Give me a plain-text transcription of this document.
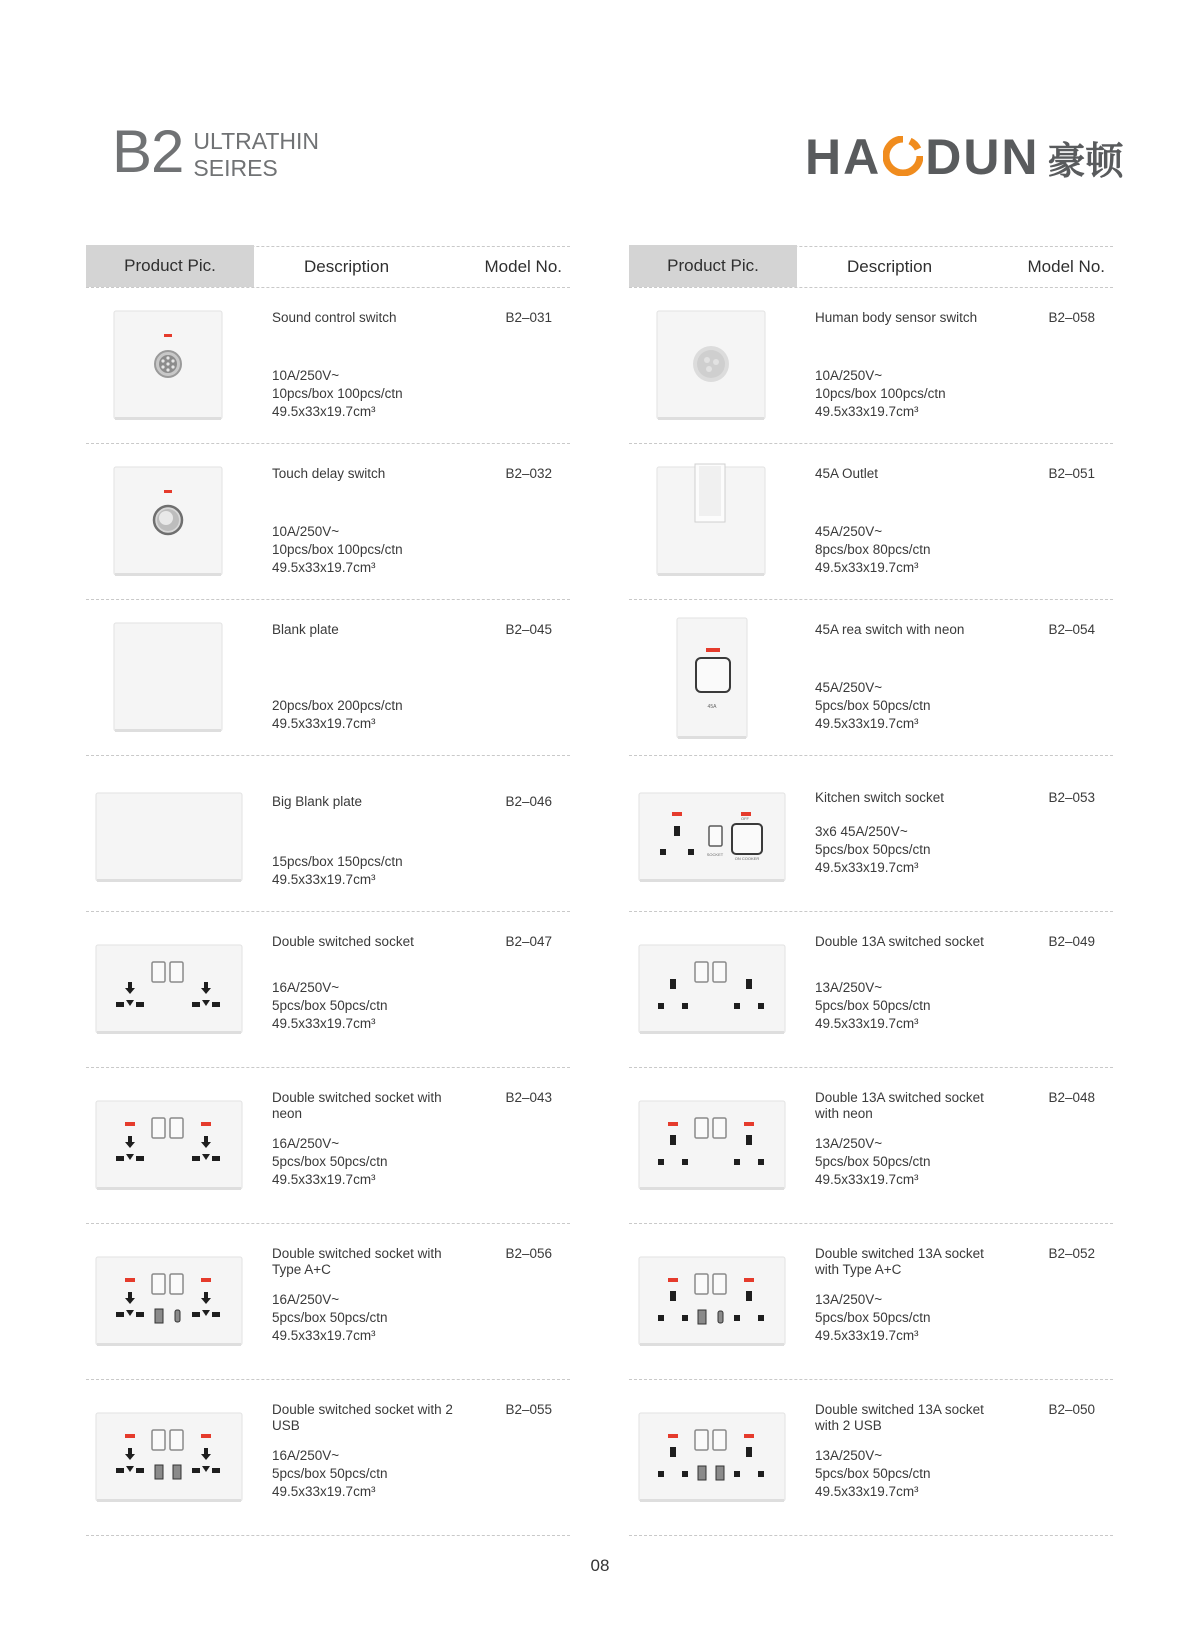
B2 ULTRATHIN
SEIRES	HA DUN 豪顿
Product Pic.	Description	Model No.
Sound control switch	B2–031
10A/250V~
10pcs/box 100pcs/ctn
49.5x33x19.7cm³
Touch delay switch	B2–032
10A/250V~
10pcs/box 100pcs/ctn
49.5x33x19.7cm³
Blank plate	B2–045
20pcs/box 200pcs/ctn
49.5x33x19.7cm³
Big Blank plate	B2–046
15pcs/box 150pcs/ctn
49.5x33x19.7cm³
Double switched socket	B2–047
16A/250V~
5pcs/box 50pcs/ctn
49.5x33x19.7cm³
Double switched socket with neon
B2–043
16A/250V~
5pcs/box 50pcs/ctn
49.5x33x19.7cm³
Double switched socket with Type A+C
B2–056
16A/250V~
5pcs/box 50pcs/ctn
49.5x33x19.7cm³
Double switched socket with 2 USB
B2–055
16A/250V~
5pcs/box 50pcs/ctn
49.5x33x19.7cm³
Product Pic.	Description	Model No.
Human body sensor switch	B2–058
10A/250V~
10pcs/box 100pcs/ctn
49.5x33x19.7cm³
45A Outlet	B2–051
45A/250V~
8pcs/box 80pcs/ctn
49.5x33x19.7cm³
45A
45A rea switch with neon	B2–054
45A/250V~
5pcs/box 50pcs/ctn
49.5x33x19.7cm³
OFF
SOCKET
ON COOKER
Kitchen switch socket	B2–053
3x6 45A/250V~
5pcs/box 50pcs/ctn
49.5x33x19.7cm³
Double 13A switched socket	B2–049
13A/250V~
5pcs/box 50pcs/ctn
49.5x33x19.7cm³
Double 13A switched socket with neon
B2–048
13A/250V~
5pcs/box 50pcs/ctn
49.5x33x19.7cm³
Double switched 13A socket with Type A+C
B2–052
13A/250V~
5pcs/box 50pcs/ctn
49.5x33x19.7cm³
Double switched 13A socket with 2 USB
B2–050
13A/250V~
5pcs/box 50pcs/ctn
49.5x33x19.7cm³
08
